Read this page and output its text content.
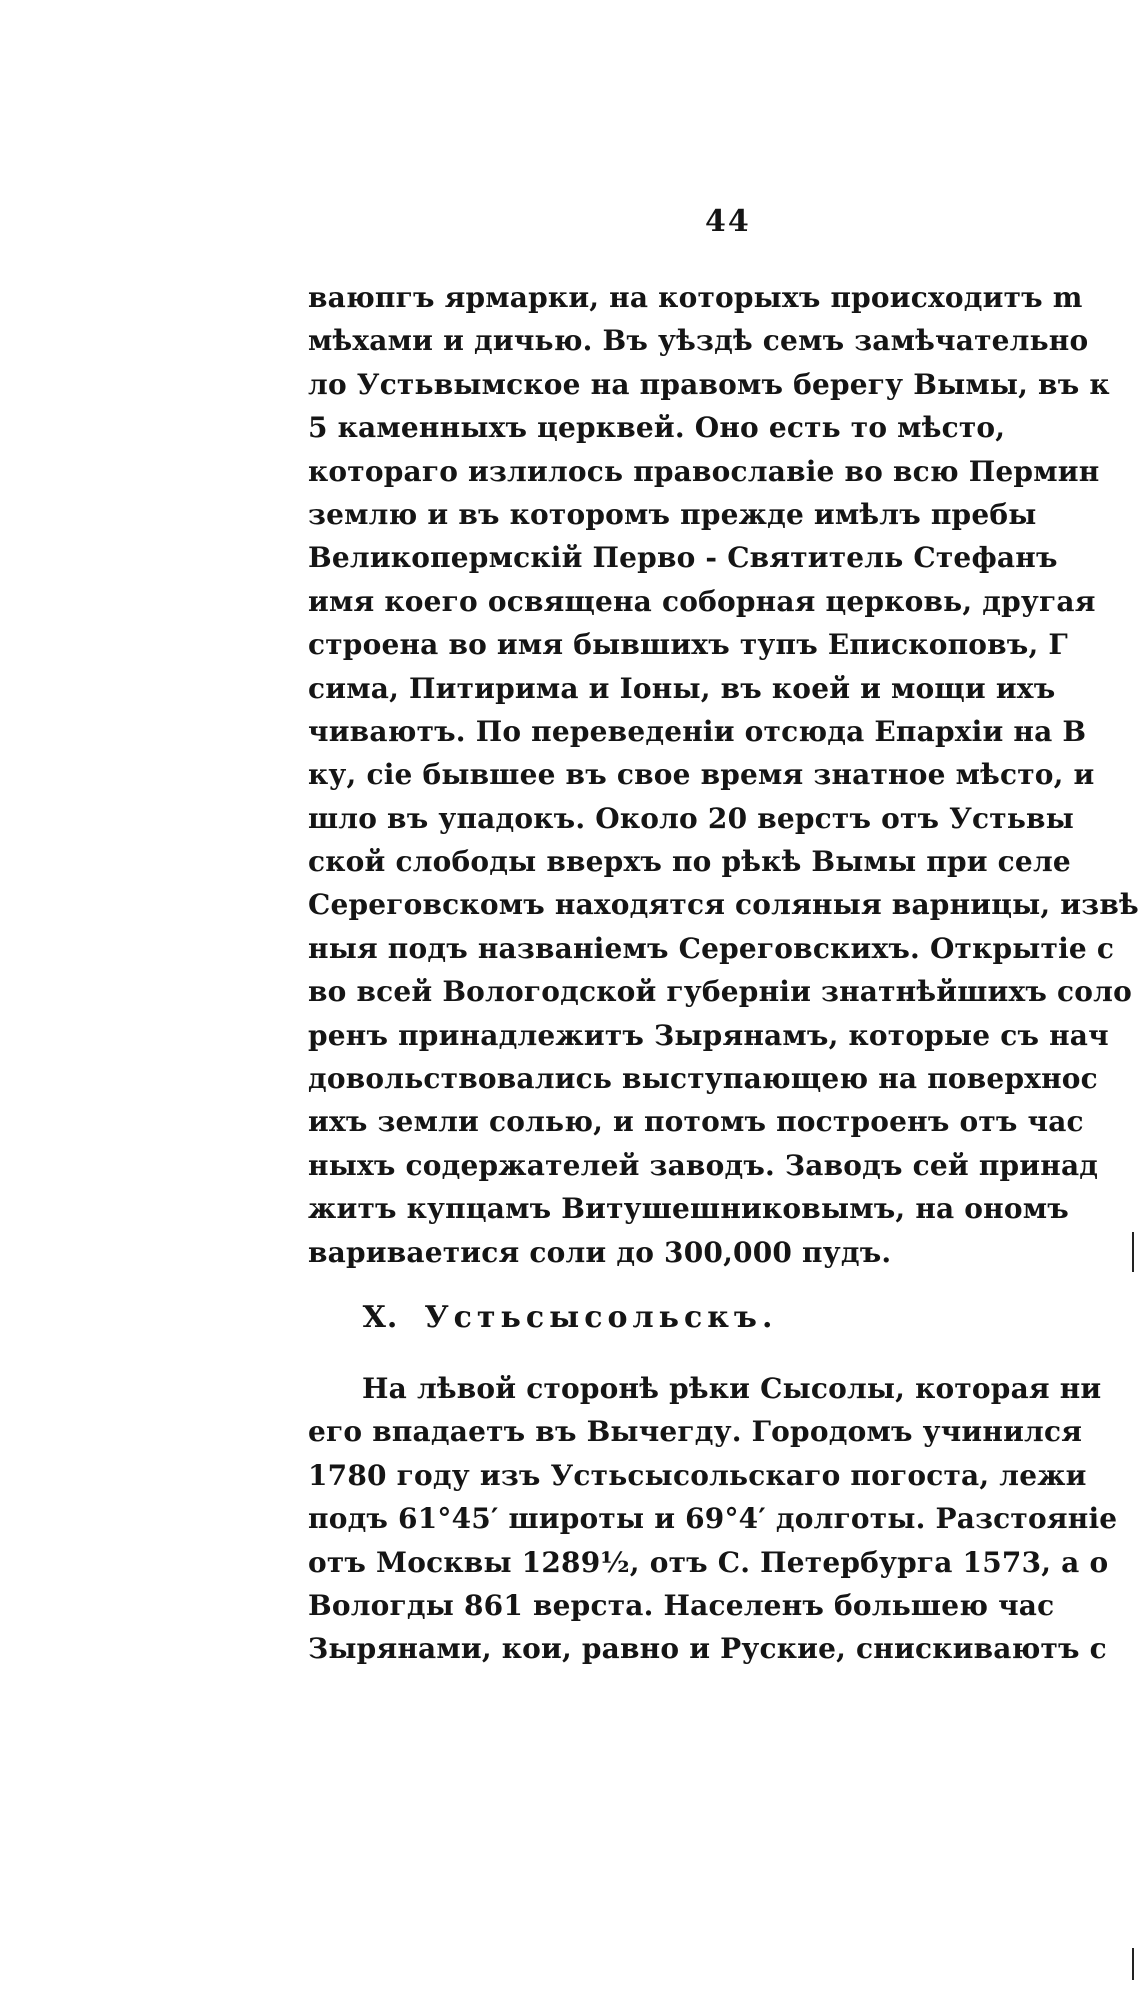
44
ваюпгъ ярмарки, на которыхъ происходитъ m
мѣхами и дичью. Въ уѣздѣ семъ замѣчательно
ло Устьвымское на правомъ берегу Вымы, въ к
5 каменныхъ церквей. Оно есть то мѣсто,
котораго излилось православіе во всю Пермин
землю и въ которомъ прежде имѣлъ пребы
Великопермскій Перво - Святитель Стефанъ
имя коего освящена соборная церковь, другая
строена во имя бывшихъ тупъ Епископовъ, Г
сима, Питирима и Іоны, въ коей и мощи ихъ
чиваютъ. По переведеніи отсюда Епархіи на В
ку, сіе бывшее въ свое время знатное мѣсто, и
шло въ упадокъ. Около 20 верстъ отъ Устьвы
ской слободы вверхъ по рѣкѣ Вымы при селе
Сереговскомъ находятся соляныя варницы, извѣ
ныя подъ названіемъ Сереговскихъ. Открытіе с
во всей Вологодской губерніи знатнѣйшихъ соло
ренъ принадлежитъ Зырянамъ, которые съ нач
довольствовались выступающею на поверхнос
ихъ земли солью, и потомъ построенъ отъ час
ныхъ содержателей заводъ. Заводъ сей принад
житъ купцамъ Витушешниковымъ, на ономъ
вариваетися соли до 300,000 пудъ.
X. Устьсысольскъ.
На лѣвой сторонѣ рѣки Сысолы, которая ни
его впадаетъ въ Вычегду. Городомъ учинился
1780 году изъ Устьсысольскаго погоста, лежи
подъ 61°45′ широты и 69°4′ долготы. Разстояніе
отъ Москвы 1289½, отъ С. Петербурга 1573, а о
Вологды 861 верста. Населенъ большею час
Зырянами, кои, равно и Руские, снискиваютъ с
